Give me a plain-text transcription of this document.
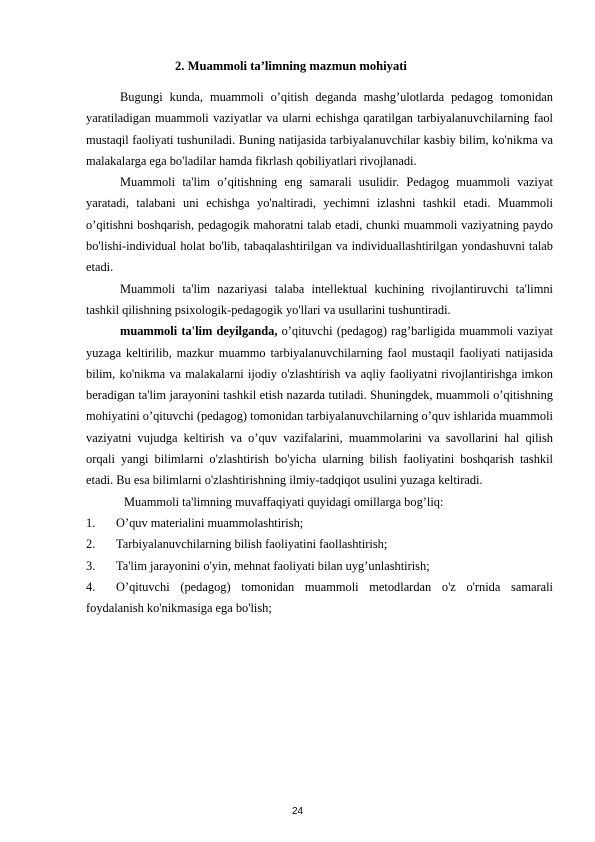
2. Muammoli ta’limning mazmun mohiyati

Bugungi kunda, muammoli o’qitish deganda mashg’ulotlarda pedagog tomonidan yaratiladigan muammoli vaziyatlar va ularni echishga qaratilgan tarbiyalanuvchilarning faol mustaqil faoliyati tushuniladi. Buning natijasida tarbiyalanuvchilar kasbiy bilim, ko'nikma va malakalarga ega bo'ladilar hamda fikrlash qobiliyatlari rivojlanadi.

Muammoli ta'lim o’qitishning eng samarali usulidir. Pedagog muammoli vaziyat yaratadi, talabani uni echishga yo'naltiradi, yechimni izlashni tashkil etadi. Muammoli o’qitishni boshqarish, pedagogik mahoratni talab etadi, chunki muammoli vaziyatning paydo bo'lishi-individual holat bo'lib, tabaqalashtirilgan va individuallashtirilgan yondashuvni talab etadi.

Muammoli ta'lim nazariyasi talaba intellektual kuchining rivojlantiruvchi ta'limni tashkil qilishning psixologik-pedagogik yo'llari va usullarini tushuntiradi.

muammoli ta'lim deyilganda, o’qituvchi (pedagog) rag’barligida muammoli vaziyat yuzaga keltirilib, mazkur muammo tarbiyalanuvchilarning faol mustaqil faoliyati natijasida bilim, ko'nikma va malakalarni ijodiy o'zlashtirish va aqliy faoliyatni rivojlantirishga imkon beradigan ta'lim jarayonini tashkil etish nazarda tutiladi. Shuningdek, muammoli o’qitishning mohiyatini o’qituvchi (pedagog) tomonidan tarbiyalanuvchilarning o’quv ishlarida muammoli vaziyatni vujudga keltirish va o’quv vazifalarini, muammolarini va savollarini hal qilish orqali yangi bilimlarni o'zlashtirish bo'yicha ularning bilish faoliyatini boshqarish tashkil etadi. Bu esa bilimlarni o'zlashtirishning ilmiy-tadqiqot usulini yuzaga keltiradi.

Muammoli ta'limning muvaffaqiyati quyidagi omillarga bog’liq:

1. O’quv materialini muammolashtirish;

2. Tarbiyalanuvchilarning bilish faoliyatini faollashtirish;

3. Ta'lim jarayonini o'yin, mehnat faoliyati bilan uyg’unlashtirish;

4. O’qituvchi (pedagog) tomonidan muammoli metodlardan o'z o'rnida samarali foydalanish ko'nikmasiga ega bo'lish;

24
